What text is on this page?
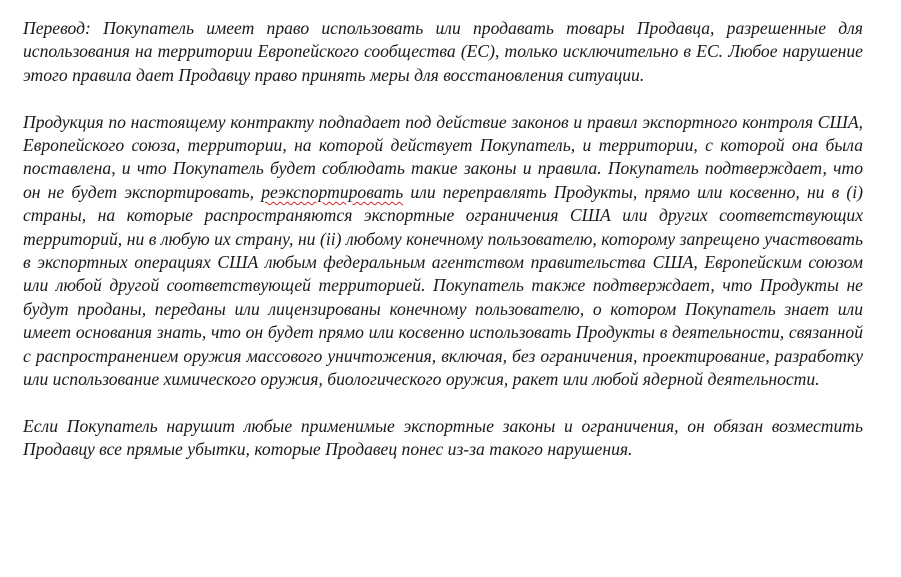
Перевод: Покупатель имеет право использовать или продавать товары Продавца, разрешенные для использования на территории Европейского сообщества (ЕС), только исключительно в ЕС. Любое нарушение этого правила дает Продавцу право принять меры для восстановления ситуации.

Продукция по настоящему контракту подпадает под действие законов и правил экспортного контроля США, Европейского союза, территории, на которой действует Покупатель, и территории, с которой она была поставлена, и что Покупатель будет соблюдать такие законы и правила. Покупатель подтверждает, что он не будет экспортировать, реэкспортировать или переправлять Продукты, прямо или косвенно, ни в (i) страны, на которые распространяются экспортные ограничения США или других соответствующих территорий, ни в любую их страну, ни (ii) любому конечному пользователю, которому запрещено участвовать в экспортных операциях США любым федеральным агентством правительства США, Европейским союзом или любой другой соответствующей территорией. Покупатель также подтверждает, что Продукты не будут проданы, переданы или лицензированы конечному пользователю, о котором Покупатель знает или имеет основания знать, что он будет прямо или косвенно использовать Продукты в деятельности, связанной с распространением оружия массового уничтожения, включая, без ограничения, проектирование, разработку или использование химического оружия, биологического оружия, ракет или любой ядерной деятельности.

Если Покупатель нарушит любые применимые экспортные законы и ограничения, он обязан возместить Продавцу все прямые убытки, которые Продавец понес из-за такого нарушения.
